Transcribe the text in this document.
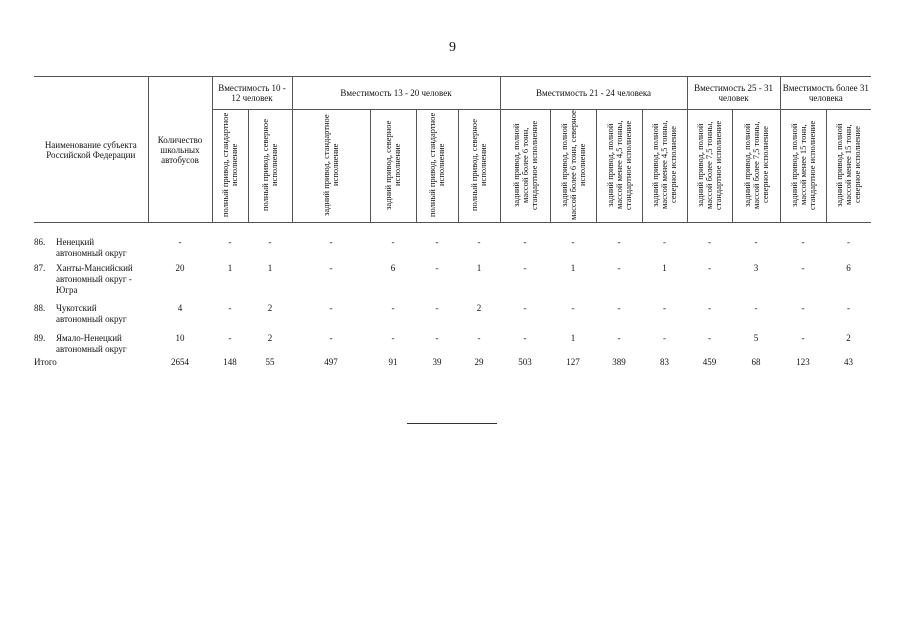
9
Наименование субъекта Российской Федерации	Количество школьных автобусов	Вместимость 10 - 12 человек		Вместимость 13 - 20 человек				Вместимость 21 - 24 человека				Вместимость 25 - 31 человек		Вместимость более 31 человека	
		полный привод, стандартное исполнение	полный привод, северное исполнение	задний привод, стандартное исполнение	задний привод, северное исполнение	полный привод, стандартное исполнение	полный привод, северное исполнение	задний привод, полной массой более 6 тонн, стандартное исполнение	задний привод, полной массой более 6 тонн, северное исполнение	задний привод, полной массой менее 4,5 тонны, стандартное исполнение	задний привод, полной массой менее 4,5 тонны, северное исполнение	задний привод, полной массой более 7,5 тонны, стандартное исполнение	задний привод, полной массой более 7,5 тонны, северное исполнение	задний привод, полной массой менее 15 тонн, стандартное исполнение	задний привод, полной массой менее 15 тонн, северное исполнение
86. Ненецкий автономный округ	-	-	-	-	-	-	-	-	-	-	-	-	-	-	-
87. Ханты-Мансийский автономный округ - Югра	20	1	1	-	6	-	1	-	1	-	1	-	3	-	6
88. Чукотский автономный округ	4	-	2	-	-	-	2	-	-	-	-	-	-	-	-
89. Ямало-Ненецкий автономный округ	10	-	2	-	-	-	-	-	1	-	-	-	5	-	2
Итого	2654	148	55	497	91	39	29	503	127	389	83	459	68	123	43
